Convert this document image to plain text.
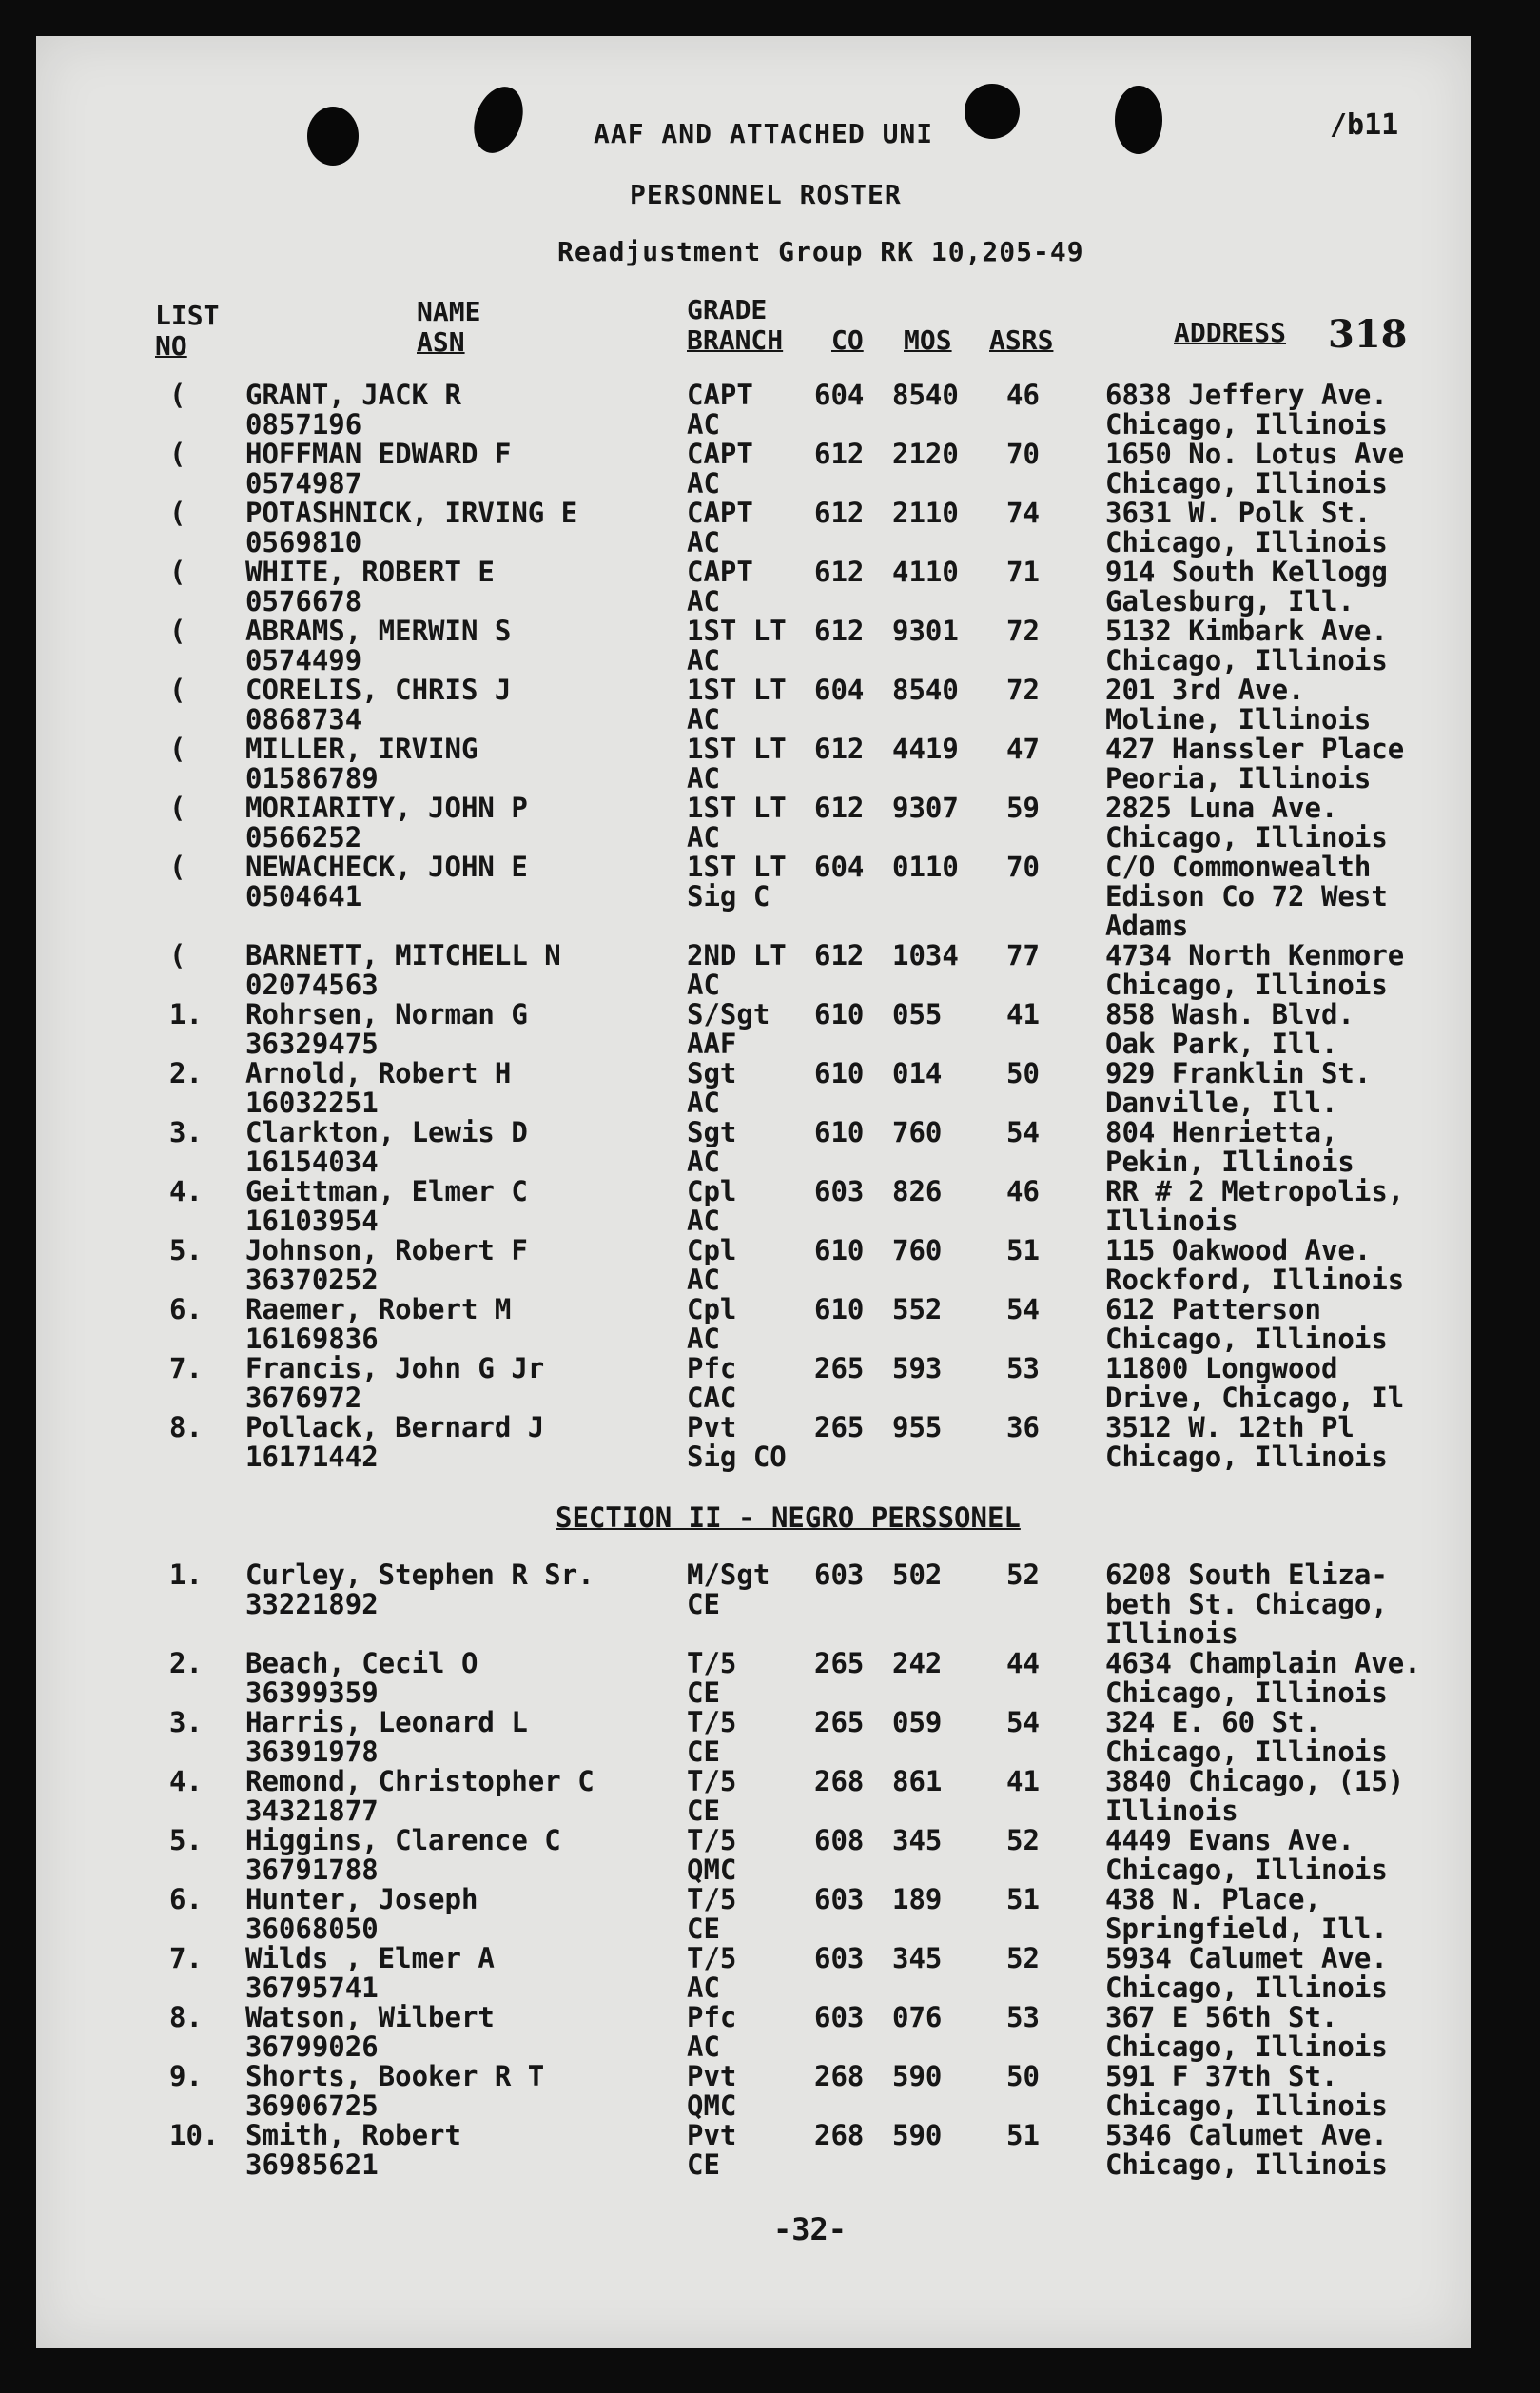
AAF AND ATTACHED UNI	/b11
PERSONNEL ROSTER
Readjustment Group RK 10,205-49
LIST
NO
NAME
ASN
GRADE
BRANCH CO MOS ASRS	ADDRESS 318
( GRANT, JACK R
0857196
CAPT
AC
604 8540 46 6838 Jeffery Ave.
Chicago, Illinois
( HOFFMAN EDWARD F
0574987
CAPT
AC
612 2120 70 1650 No. Lotus Ave
Chicago, Illinois
( POTASHNICK, IRVING E
0569810
CAPT
AC
612 2110 74 3631 W. Polk St.
Chicago, Illinois
( WHITE, ROBERT E
0576678
CAPT
AC
612 4110 71 914 South Kellogg
Galesburg, Ill.
( ABRAMS, MERWIN S
0574499
1ST LT
AC
612 9301 72 5132 Kimbark Ave.
Chicago, Illinois
( CORELIS, CHRIS J
0868734
1ST LT
AC
604 8540 72 201 3rd Ave.
Moline, Illinois
( MILLER, IRVING
01586789
1ST LT
AC
612 4419 47 427 Hanssler Place
Peoria, Illinois
( MORIARITY, JOHN P
0566252
1ST LT
AC
612 9307 59 2825 Luna Ave.
Chicago, Illinois
( NEWACHECK, JOHN E
0504641
1ST LT
Sig C
604 0110 70 C/O Commonwealth
Edison Co 72 West
Adams
( BARNETT, MITCHELL N
02074563
2ND LT
AC
612 1034 77 4734 North Kenmore
Chicago, Illinois
1. Rohrsen, Norman G
36329475
S/Sgt
AAF
610 055 41 858 Wash. Blvd.
Oak Park, Ill.
2. Arnold, Robert H
16032251
Sgt
AC
610 014 50 929 Franklin St.
Danville, Ill.
3. Clarkton, Lewis D
16154034
Sgt
AC
610 760 54 804 Henrietta,
Pekin, Illinois
4. Geittman, Elmer C
16103954
Cpl
AC
603 826 46 RR # 2 Metropolis,
Illinois
5. Johnson, Robert F
36370252
Cpl
AC
610 760 51 115 Oakwood Ave.
Rockford, Illinois
6. Raemer, Robert M
16169836
Cpl
AC
610 552 54 612 Patterson
Chicago, Illinois
7. Francis, John G Jr
3676972
Pfc
CAC
265 593 53 11800 Longwood
Drive, Chicago, Il
8. Pollack, Bernard J
16171442
Pvt
Sig CO
265 955 36 3512 W. 12th Pl
Chicago, Illinois
SECTION II - NEGRO PERSSONEL
1. Curley, Stephen R Sr.
33221892
M/Sgt
CE
603 502 52 6208 South Eliza-
beth St. Chicago,
Illinois
2. Beach, Cecil O
36399359
T/5
CE
265 242 44 4634 Champlain Ave.
Chicago, Illinois
3. Harris, Leonard L
36391978
T/5
CE
265 059 54 324 E. 60 St.
Chicago, Illinois
4. Remond, Christopher C
34321877
T/5
CE
268 861 41 3840 Chicago, (15)
Illinois
5. Higgins, Clarence C
36791788
T/5
QMC
608 345 52 4449 Evans Ave.
Chicago, Illinois
6. Hunter, Joseph
36068050
T/5
CE
603 189 51 438 N. Place,
Springfield, Ill.
7. Wilds , Elmer A
36795741
T/5
AC
603 345 52 5934 Calumet Ave.
Chicago, Illinois
8. Watson, Wilbert
36799026
Pfc
AC
603 076 53 367 E 56th St.
Chicago, Illinois
9. Shorts, Booker R T
36906725
Pvt
QMC
268 590 50 591 F 37th St.
Chicago, Illinois
10. Smith, Robert
36985621
Pvt
CE
268 590 51 5346 Calumet Ave.
Chicago, Illinois
-32-
